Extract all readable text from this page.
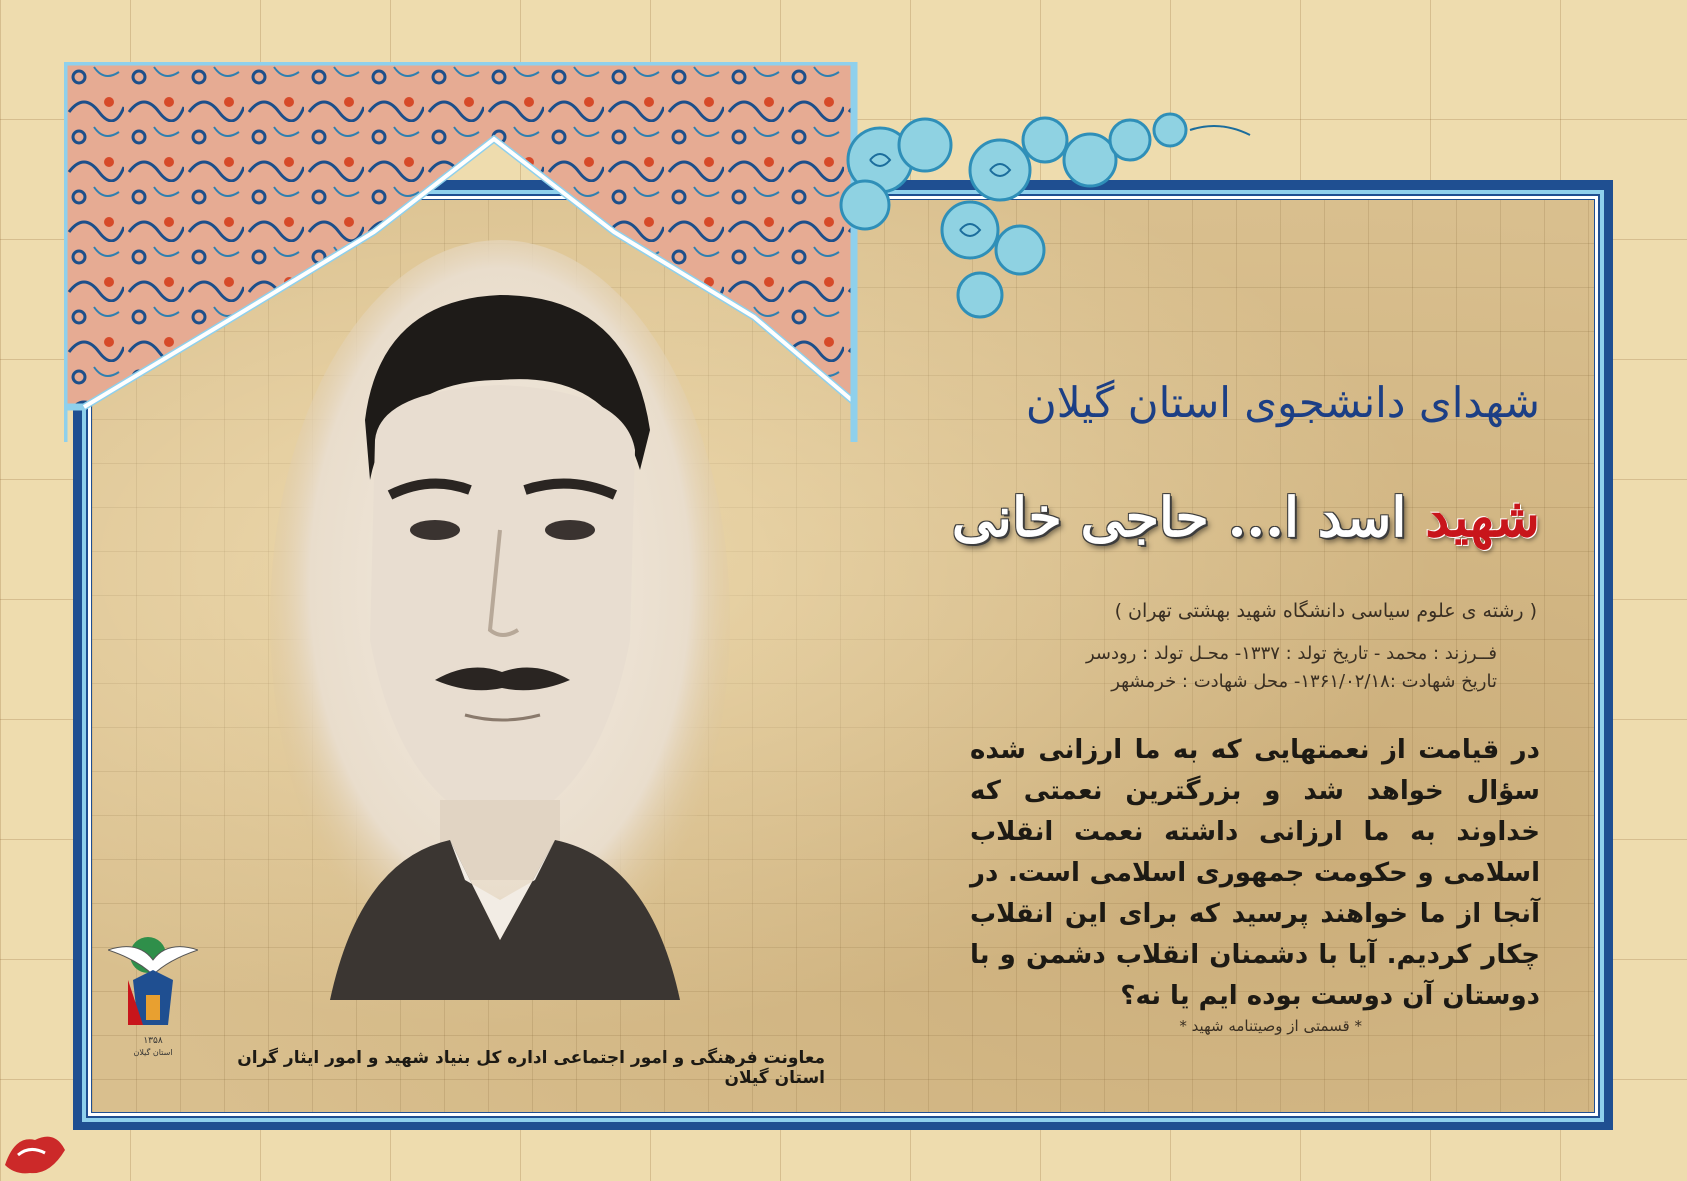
شهدای دانشجوی استان گیلان
شهید اسد ا... حاجی خانی
( رشته ی علوم سیاسی دانشگاه شهید بهشتی تهران )
فــرزند : محمد - تاریخ تولد : ۱۳۳۷- محـل تولد : رودسر
تاریخ شهادت :۱۳۶۱/۰۲/۱۸- محل شهادت : خرمشهر
در قیامت از نعمتهایی که به ما ارزانی شده سؤال خواهد شد و بزرگترین نعمتی که خداوند به ما ارزانی داشته نعمت انقلاب اسلامی و حکومت جمهوری اسلامی است. در آنجا از ما خواهند پرسید که برای این انقلاب چکار کردیم. آیا با دشمنان انقلاب دشمن و با دوستان آن دوست بوده ایم یا نه؟
* قسمتی از وصیتنامه شهید *
معاونت فرهنگی و امور اجتماعی اداره کل بنیاد شهید و امور ایثار گران استان گیلان
۱۳۵۸
استان گیلان
